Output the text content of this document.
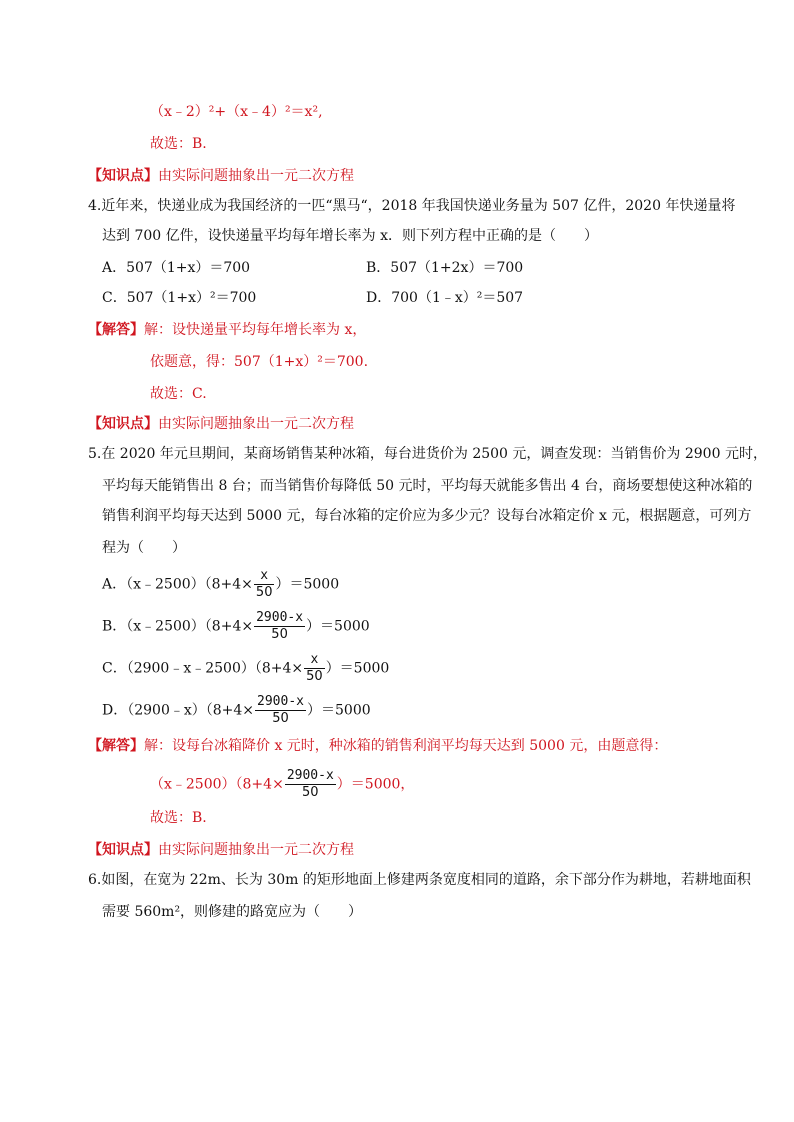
（x﹣2）²+（x﹣4）²＝x²,
故选：B.
【知识点】由实际问题抽象出一元二次方程
4.近年来，快递业成为我国经济的一匹“黑马“，2018 年我国快递业务量为 507 亿件，2020 年快递量将
达到 700 亿件，设快递量平均每年增长率为 x．则下列方程中正确的是（　　）
A．507（1+x）＝700	B．507（1+2x）＝700
C．507（1+x）²＝700	D．700（1﹣x）²＝507
【解答】解：设快递量平均每年增长率为 x，
依题意，得：507（1+x）²＝700.
故选：C.
【知识点】由实际问题抽象出一元二次方程
5.在 2020 年元旦期间，某商场销售某种冰箱，每台进货价为 2500 元，调查发现：当销售价为 2900 元时，
平均每天能销售出 8 台；而当销售价每降低 50 元时，平均每天就能多售出 4 台，商场要想使这种冰箱的
销售利润平均每天达到 5000 元，每台冰箱的定价应为多少元？设每台冰箱定价 x 元，根据题意，可列方
程为（　　）
A．（x﹣2500）（8+4× $\frac{x}{50} )=5000$
B．（x﹣2500）（8+4× $\frac{2900-x}{50} )=5000$
C．（2900﹣x﹣2500）（8+4× $\frac{x}{50} )=5000$
D．（2900﹣x）（8+4× $\frac{2900-x}{50} )=5000$
【解答】解：设每台冰箱降价 x 元时，种冰箱的销售利润平均每天达到 5000 元，由题意得：
（x﹣2500）（8+4× $\frac{2900-x}{50} )=5000$，
故选：B.
【知识点】由实际问题抽象出一元二次方程
6.如图，在宽为 22m、长为 30m 的矩形地面上修建两条宽度相同的道路，余下部分作为耕地，若耕地面积
需要 560m²，则修建的路宽应为（　　）
